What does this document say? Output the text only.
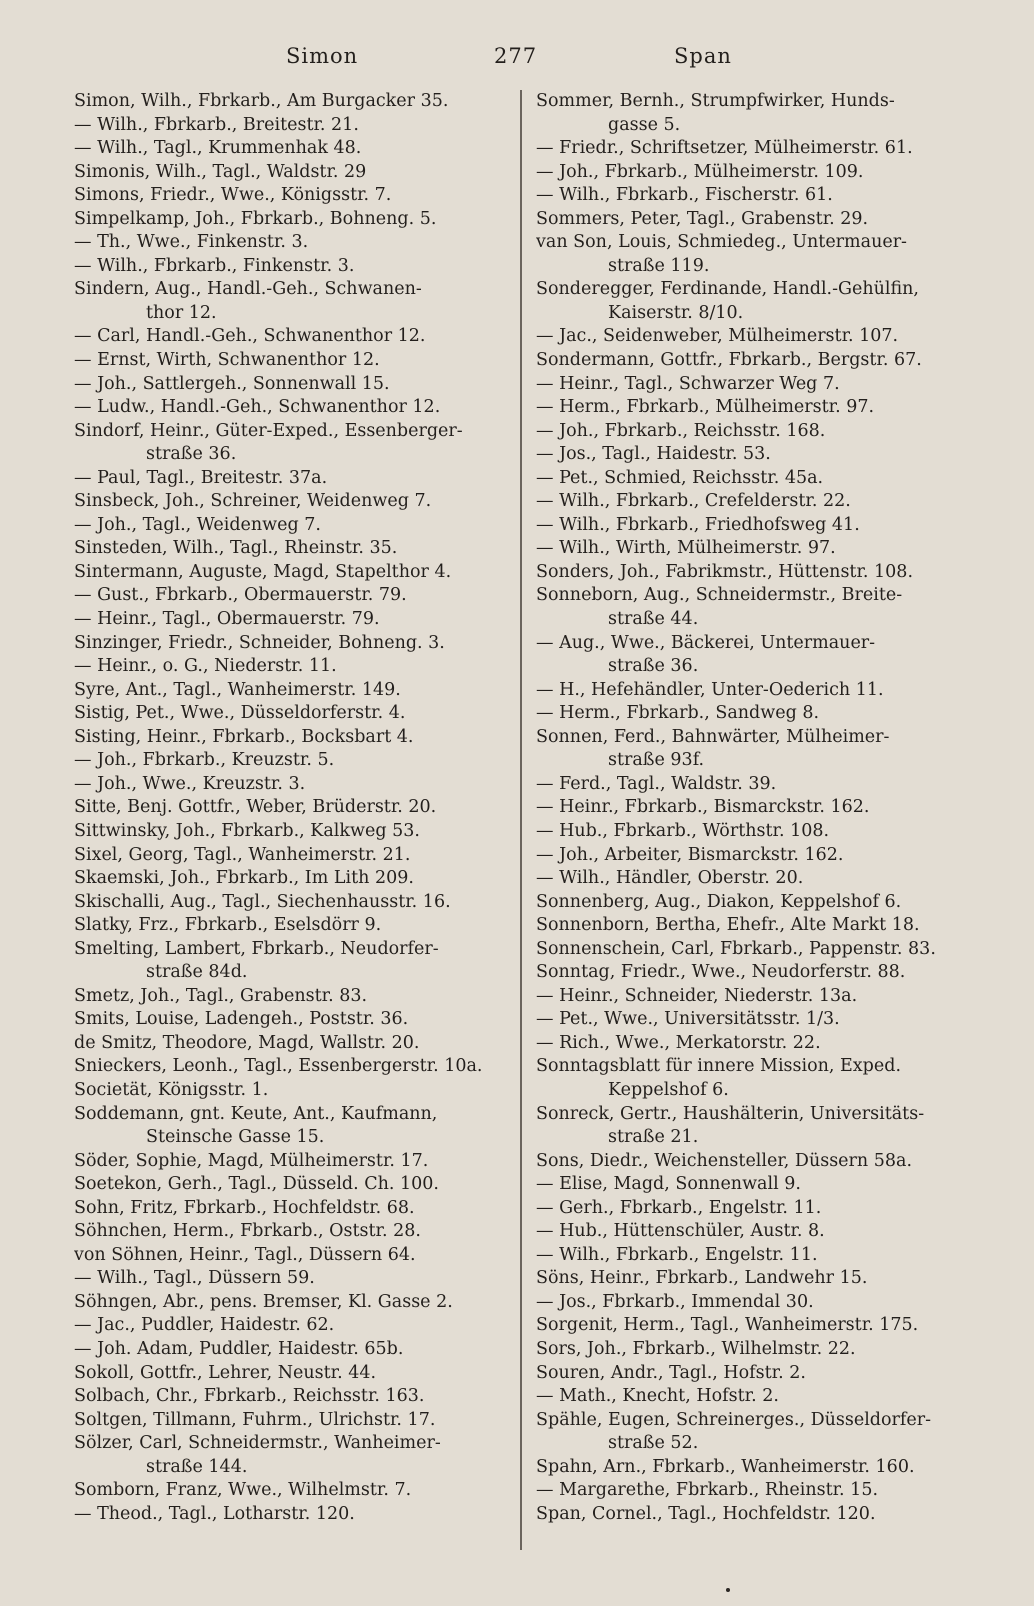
Simon	277	Span
Simon, Wilh., Fbrkarb., Am Burgacker 35.
— Wilh., Fbrkarb., Breitestr. 21.
— Wilh., Tagl., Krummenhak 48.
Simonis, Wilh., Tagl., Waldstr. 29
Simons, Friedr., Wwe., Königsstr. 7.
Simpelkamp, Joh., Fbrkarb., Bohneng. 5.
— Th., Wwe., Finkenstr. 3.
— Wilh., Fbrkarb., Finkenstr. 3.
Sindern, Aug., Handl.-Geh., Schwanen-
thor 12.
— Carl, Handl.-Geh., Schwanenthor 12.
— Ernst, Wirth, Schwanenthor 12.
— Joh., Sattlergeh., Sonnenwall 15.
— Ludw., Handl.-Geh., Schwanenthor 12.
Sindorf, Heinr., Güter-Exped., Essenberger-
straße 36.
— Paul, Tagl., Breitestr. 37a.
Sinsbeck, Joh., Schreiner, Weidenweg 7.
— Joh., Tagl., Weidenweg 7.
Sinsteden, Wilh., Tagl., Rheinstr. 35.
Sintermann, Auguste, Magd, Stapelthor 4.
— Gust., Fbrkarb., Obermauerstr. 79.
— Heinr., Tagl., Obermauerstr. 79.
Sinzinger, Friedr., Schneider, Bohneng. 3.
— Heinr., o. G., Niederstr. 11.
Syre, Ant., Tagl., Wanheimerstr. 149.
Sistig, Pet., Wwe., Düsseldorferstr. 4.
Sisting, Heinr., Fbrkarb., Bocksbart 4.
— Joh., Fbrkarb., Kreuzstr. 5.
— Joh., Wwe., Kreuzstr. 3.
Sitte, Benj. Gottfr., Weber, Brüderstr. 20.
Sittwinsky, Joh., Fbrkarb., Kalkweg 53.
Sixel, Georg, Tagl., Wanheimerstr. 21.
Skaemski, Joh., Fbrkarb., Im Lith 209.
Skischalli, Aug., Tagl., Siechenhausstr. 16.
Slatky, Frz., Fbrkarb., Eselsdörr 9.
Smelting, Lambert, Fbrkarb., Neudorfer-
straße 84d.
Smetz, Joh., Tagl., Grabenstr. 83.
Smits, Louise, Ladengeh., Poststr. 36.
de Smitz, Theodore, Magd, Wallstr. 20.
Snieckers, Leonh., Tagl., Essenbergerstr. 10a.
Societät, Königsstr. 1.
Soddemann, gnt. Keute, Ant., Kaufmann,
Steinsche Gasse 15.
Söder, Sophie, Magd, Mülheimerstr. 17.
Soetekon, Gerh., Tagl., Düsseld. Ch. 100.
Sohn, Fritz, Fbrkarb., Hochfeldstr. 68.
Söhnchen, Herm., Fbrkarb., Oststr. 28.
von Söhnen, Heinr., Tagl., Düssern 64.
— Wilh., Tagl., Düssern 59.
Söhngen, Abr., pens. Bremser, Kl. Gasse 2.
— Jac., Puddler, Haidestr. 62.
— Joh. Adam, Puddler, Haidestr. 65b.
Sokoll, Gottfr., Lehrer, Neustr. 44.
Solbach, Chr., Fbrkarb., Reichsstr. 163.
Soltgen, Tillmann, Fuhrm., Ulrichstr. 17.
Sölzer, Carl, Schneidermstr., Wanheimer-
straße 144.
Somborn, Franz, Wwe., Wilhelmstr. 7.
— Theod., Tagl., Lotharstr. 120.
Sommer, Bernh., Strumpfwirker, Hunds-
gasse 5.
— Friedr., Schriftsetzer, Mülheimerstr. 61.
— Joh., Fbrkarb., Mülheimerstr. 109.
— Wilh., Fbrkarb., Fischerstr. 61.
Sommers, Peter, Tagl., Grabenstr. 29.
van Son, Louis, Schmiedeg., Untermauer-
straße 119.
Sonderegger, Ferdinande, Handl.-Gehülfin,
Kaiserstr. 8/10.
— Jac., Seidenweber, Mülheimerstr. 107.
Sondermann, Gottfr., Fbrkarb., Bergstr. 67.
— Heinr., Tagl., Schwarzer Weg 7.
— Herm., Fbrkarb., Mülheimerstr. 97.
— Joh., Fbrkarb., Reichsstr. 168.
— Jos., Tagl., Haidestr. 53.
— Pet., Schmied, Reichsstr. 45a.
— Wilh., Fbrkarb., Crefelderstr. 22.
— Wilh., Fbrkarb., Friedhofsweg 41.
— Wilh., Wirth, Mülheimerstr. 97.
Sonders, Joh., Fabrikmstr., Hüttenstr. 108.
Sonneborn, Aug., Schneidermstr., Breite-
straße 44.
— Aug., Wwe., Bäckerei, Untermauer-
straße 36.
— H., Hefehändler, Unter-Oederich 11.
— Herm., Fbrkarb., Sandweg 8.
Sonnen, Ferd., Bahnwärter, Mülheimer-
straße 93f.
— Ferd., Tagl., Waldstr. 39.
— Heinr., Fbrkarb., Bismarckstr. 162.
— Hub., Fbrkarb., Wörthstr. 108.
— Joh., Arbeiter, Bismarckstr. 162.
— Wilh., Händler, Oberstr. 20.
Sonnenberg, Aug., Diakon, Keppelshof 6.
Sonnenborn, Bertha, Ehefr., Alte Markt 18.
Sonnenschein, Carl, Fbrkarb., Pappenstr. 83.
Sonntag, Friedr., Wwe., Neudorferstr. 88.
— Heinr., Schneider, Niederstr. 13a.
— Pet., Wwe., Universitätsstr. 1/3.
— Rich., Wwe., Merkatorstr. 22.
Sonntagsblatt für innere Mission, Exped.
Keppelshof 6.
Sonreck, Gertr., Haushälterin, Universitäts-
straße 21.
Sons, Diedr., Weichensteller, Düssern 58a.
— Elise, Magd, Sonnenwall 9.
— Gerh., Fbrkarb., Engelstr. 11.
— Hub., Hüttenschüler, Austr. 8.
— Wilh., Fbrkarb., Engelstr. 11.
Söns, Heinr., Fbrkarb., Landwehr 15.
— Jos., Fbrkarb., Immendal 30.
Sorgenit, Herm., Tagl., Wanheimerstr. 175.
Sors, Joh., Fbrkarb., Wilhelmstr. 22.
Souren, Andr., Tagl., Hofstr. 2.
— Math., Knecht, Hofstr. 2.
Spähle, Eugen, Schreinerges., Düsseldorfer-
straße 52.
Spahn, Arn., Fbrkarb., Wanheimerstr. 160.
— Margarethe, Fbrkarb., Rheinstr. 15.
Span, Cornel., Tagl., Hochfeldstr. 120.
